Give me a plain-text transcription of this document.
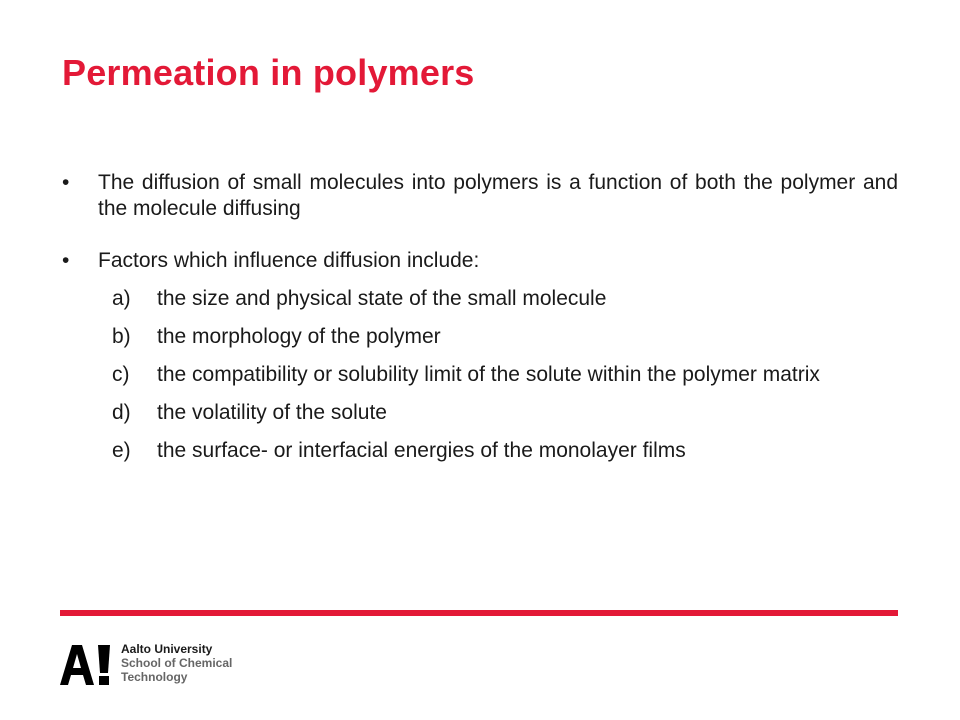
Permeation in polymers
• The diffusion of small molecules into polymers is a function of both the polymer and the molecule diffusing
• Factors which influence diffusion include:
a) the size and physical state of the small molecule
b) the morphology of the polymer
c) the compatibility or solubility limit of the solute within the polymer matrix
d) the volatility of the solute
e) the surface- or interfacial energies of the monolayer films
Aalto University
School of Chemical
Technology
